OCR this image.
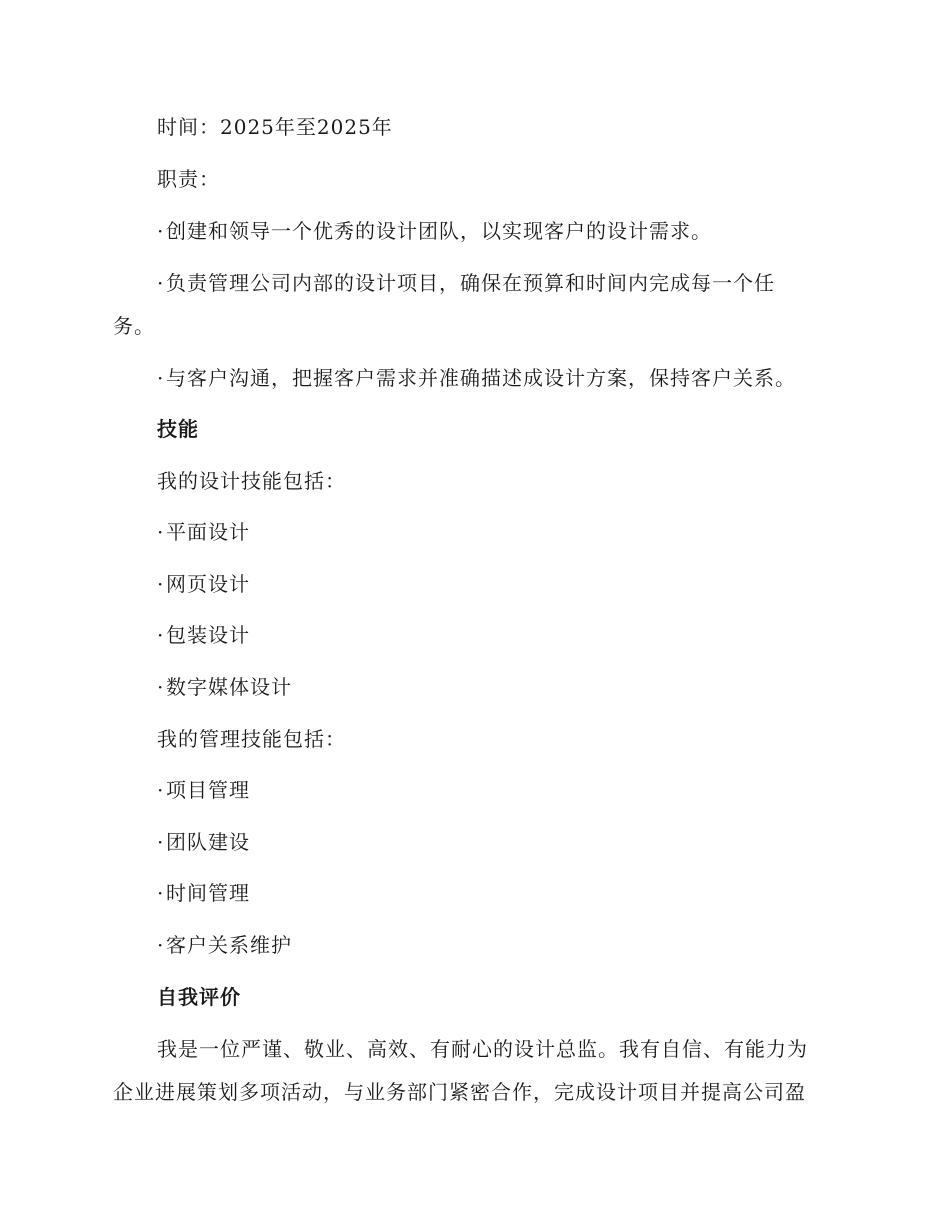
时间：2025年至2025年
职责：
· 创建和领导一个优秀的设计团队，以实现客户的设计需求。
· 负责管理公司内部的设计项目，确保在预算和时间内完成每一个任
务。
· 与客户沟通，把握客户需求并准确描述成设计方案，保持客户关系。
技能
我的设计技能包括：
· 平面设计
· 网页设计
· 包装设计
· 数字媒体设计
我的管理技能包括：
· 项目管理
· 团队建设
· 时间管理
· 客户关系维护
自我评价
我是一位严谨、敬业、高效、有耐心的设计总监。我有自信、有能力为
企业进展策划多项活动，与业务部门紧密合作，完成设计项目并提高公司盈
